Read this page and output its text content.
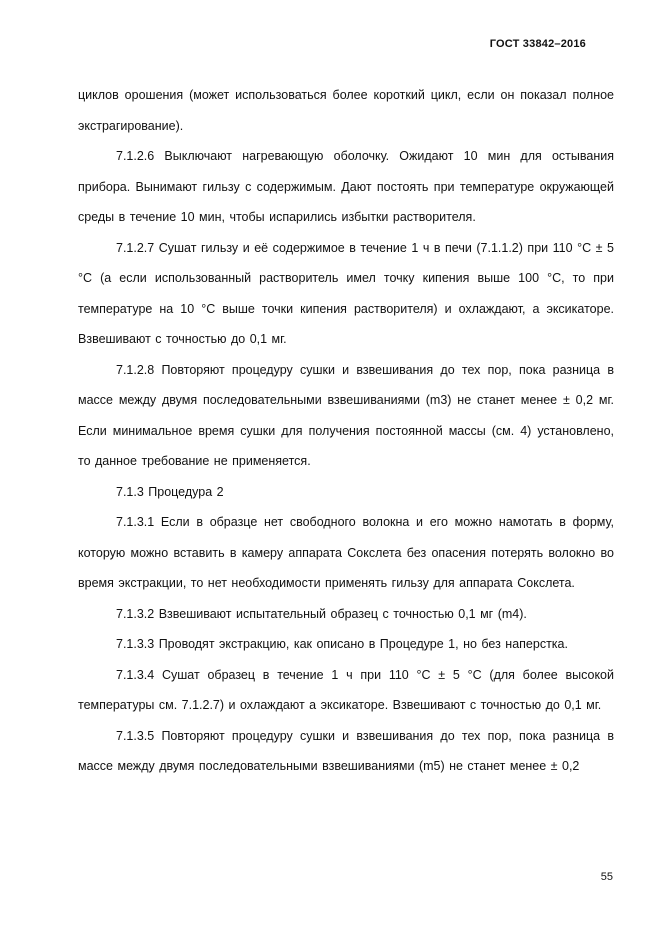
ГОСТ 33842–2016

циклов орошения (может использоваться более короткий цикл, если он показал полное экстрагирование).

7.1.2.6 Выключают нагревающую оболочку. Ожидают 10 мин для остывания прибора. Вынимают гильзу с содержимым. Дают постоять при температуре окружающей среды в течение 10 мин, чтобы испарились избытки растворителя.

7.1.2.7 Сушат гильзу и её содержимое в течение 1 ч в печи (7.1.1.2) при 110 °С ± 5 °С (а если использованный растворитель имел точку кипения выше 100 °С, то при температуре на 10 °С выше точки кипения растворителя) и охлаждают, а эксикаторе. Взвешивают с точностью до 0,1 мг.

7.1.2.8 Повторяют процедуру сушки и взвешивания до тех пор, пока разница в массе между двумя последовательными взвешиваниями (m3) не станет менее ± 0,2 мг. Если минимальное время сушки для получения постоянной массы (см. 4) установлено, то данное требование не применяется.

7.1.3 Процедура 2

7.1.3.1 Если в образце нет свободного волокна и его можно намотать в форму, которую можно вставить в камеру аппарата Сокслета без опасения потерять волокно во время экстракции, то нет необходимости применять гильзу для аппарата Сокслета.

7.1.3.2 Взвешивают испытательный образец с точностью 0,1 мг (m4).

7.1.3.3 Проводят экстракцию, как описано в Процедуре 1, но без наперстка.

7.1.3.4 Сушат образец в течение 1 ч при 110 °С ± 5 °С (для более высокой температуры см. 7.1.2.7) и охлаждают а эксикаторе. Взвешивают с точностью до 0,1 мг.

7.1.3.5 Повторяют процедуру сушки и взвешивания до тех пор, пока разница в массе между двумя последовательными взвешиваниями (m5) не станет менее ± 0,2

55
